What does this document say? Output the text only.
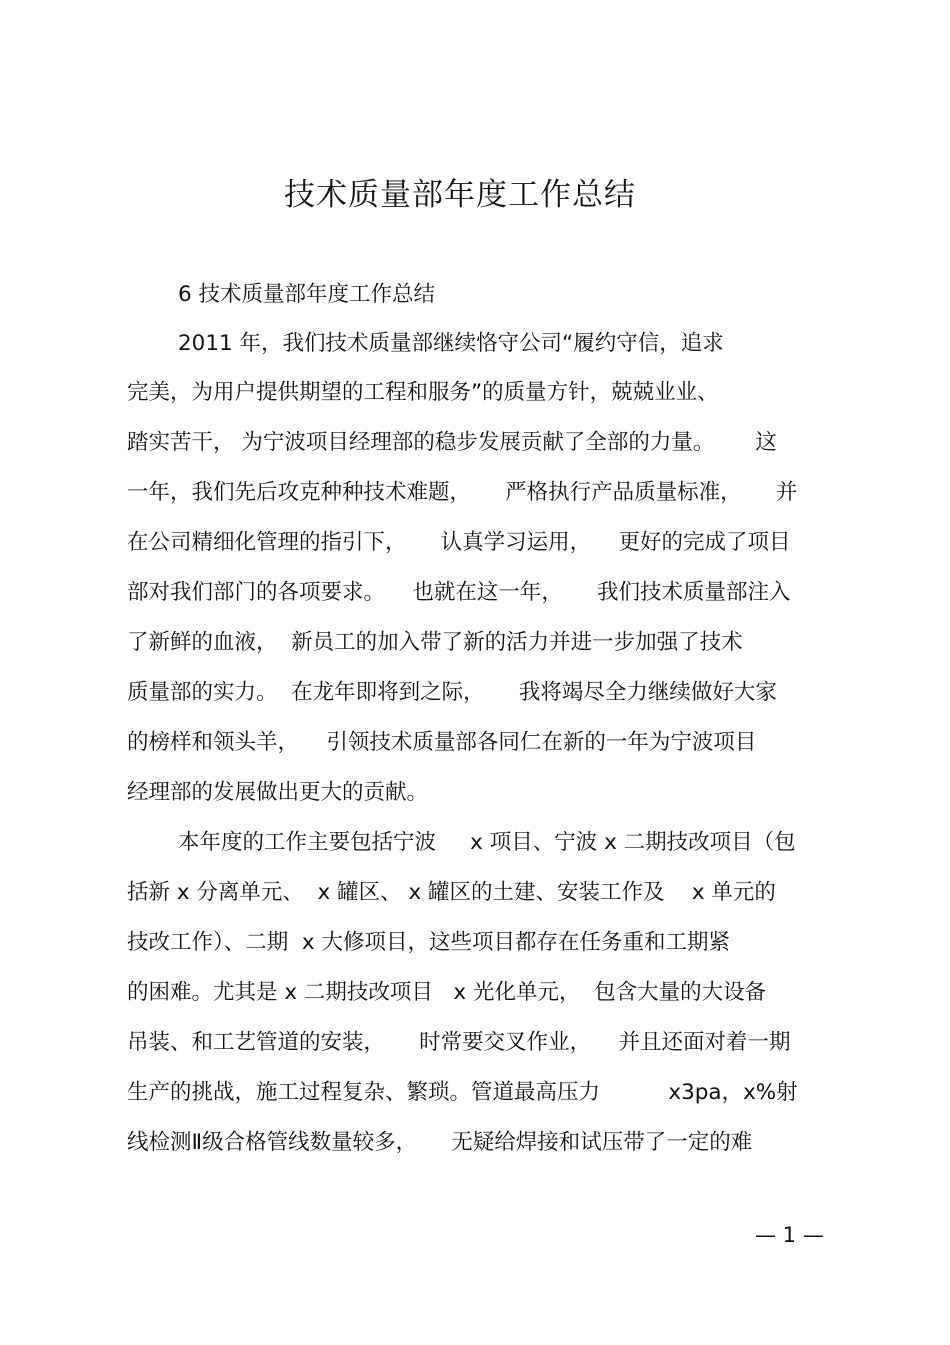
技术质量部年度工作总结
6 技术质量部年度工作总结
2011 年，我们技术质量部继续恪守公司“履约守信，追求
完美，为用户提供期望的工程和服务”的质量方针，兢兢业业、
踏实苦干， 为宁波项目经理部的稳步发展贡献了全部的力量。      这
一年，我们先后攻克种种技术难题，     严格执行产品质量标准，     并
在公司精细化管理的指引下，     认真学习运用，    更好的完成了项目
部对我们部门的各项要求。    也就在这一年，     我们技术质量部注入
了新鲜的血液，  新员工的加入带了新的活力并进一步加强了技术
质量部的实力。  在龙年即将到之际，     我将竭尽全力继续做好大家
的榜样和领头羊，    引领技术质量部各同仁在新的一年为宁波项目
经理部的发展做出更大的贡献。
本年度的工作主要包括宁波     x 项目、宁波 x 二期技改项目（包
括新 x 分离单元、  x 罐区、 x 罐区的土建、安装工作及    x 单元的
技改工作）、二期  x 大修项目，这些项目都存在任务重和工期紧
的困难。尤其是 x 二期技改项目   x 光化单元，  包含大量的大设备
吊装、和工艺管道的安装，     时常要交叉作业，    并且还面对着一期
生产的挑战，施工过程复杂、繁琐。管道最高压力          x3pa，x%射
线检测Ⅱ级合格管线数量较多，     无疑给焊接和试压带了一定的难
— 1 —
